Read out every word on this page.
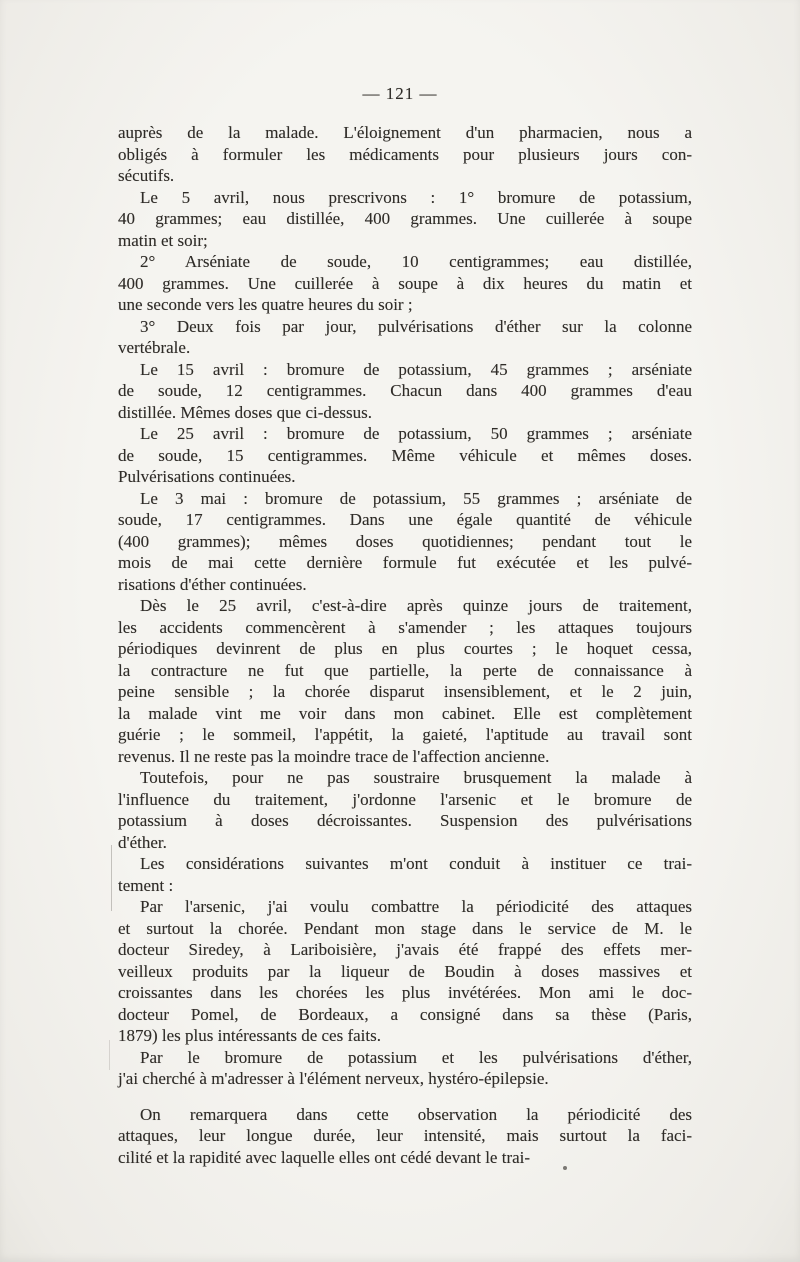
— 121 —
auprès de la malade. L'éloignement d'un pharmacien, nous a
obligés à formuler les médicaments pour plusieurs jours con-
sécutifs.
Le 5 avril, nous prescrivons : 1° bromure de potassium,
40 grammes; eau distillée, 400 grammes. Une cuillerée à soupe
matin et soir;
2° Arséniate de soude, 10 centigrammes; eau distillée,
400 grammes. Une cuillerée à soupe à dix heures du matin et
une seconde vers les quatre heures du soir ;
3° Deux fois par jour, pulvérisations d'éther sur la colonne
vertébrale.
Le 15 avril : bromure de potassium, 45 grammes ; arséniate
de soude, 12 centigrammes. Chacun dans 400 grammes d'eau
distillée. Mêmes doses que ci-dessus.
Le 25 avril : bromure de potassium, 50 grammes ; arséniate
de soude, 15 centigrammes. Même véhicule et mêmes doses.
Pulvérisations continuées.
Le 3 mai : bromure de potassium, 55 grammes ; arséniate de
soude, 17 centigrammes. Dans une égale quantité de véhicule
(400 grammes); mêmes doses quotidiennes; pendant tout le
mois de mai cette dernière formule fut exécutée et les pulvé-
risations d'éther continuées.
Dès le 25 avril, c'est-à-dire après quinze jours de traitement,
les accidents commencèrent à s'amender ; les attaques toujours
périodiques devinrent de plus en plus courtes ; le hoquet cessa,
la contracture ne fut que partielle, la perte de connaissance à
peine sensible ; la chorée disparut insensiblement, et le 2 juin,
la malade vint me voir dans mon cabinet. Elle est complètement
guérie ; le sommeil, l'appétit, la gaieté, l'aptitude au travail sont
revenus. Il ne reste pas la moindre trace de l'affection ancienne.
Toutefois, pour ne pas soustraire brusquement la malade à
l'influence du traitement, j'ordonne l'arsenic et le bromure de
potassium à doses décroissantes. Suspension des pulvérisations
d'éther.
Les considérations suivantes m'ont conduit à instituer ce trai-
tement :
Par l'arsenic, j'ai voulu combattre la périodicité des attaques
et surtout la chorée. Pendant mon stage dans le service de M. le
docteur Siredey, à Lariboisière, j'avais été frappé des effets mer-
veilleux produits par la liqueur de Boudin à doses massives et
croissantes dans les chorées les plus invétérées. Mon ami le doc-
docteur Pomel, de Bordeaux, a consigné dans sa thèse (Paris,
1879) les plus intéressants de ces faits.
Par le bromure de potassium et les pulvérisations d'éther,
j'ai cherché à m'adresser à l'élément nerveux, hystéro-épilepsie.
On remarquera dans cette observation la périodicité des
attaques, leur longue durée, leur intensité, mais surtout la faci-
cilité et la rapidité avec laquelle elles ont cédé devant le trai-
